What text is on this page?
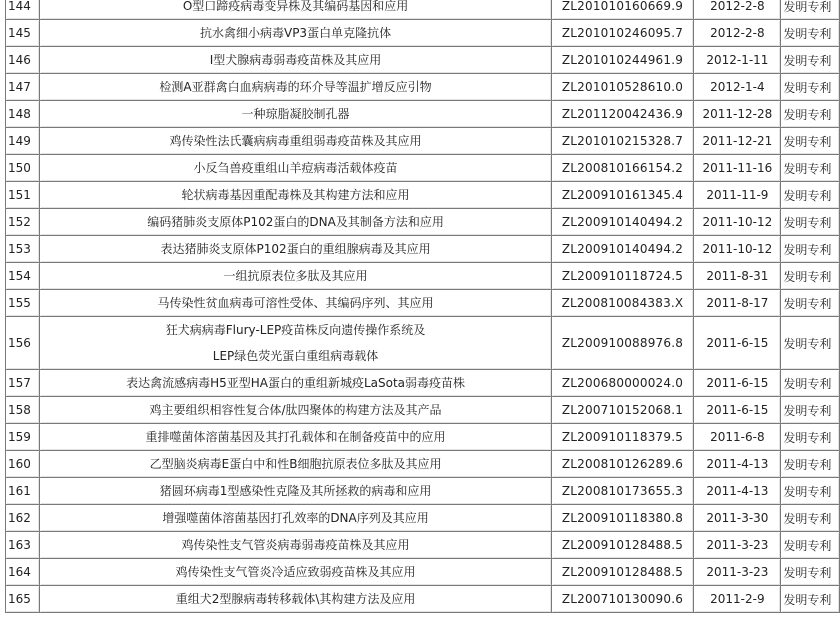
144	O型口蹄疫病毒变异株及其编码基因和应用	ZL201010160669.9	2012-2-8	发明专利
145	抗水禽细小病毒VP3蛋白单克隆抗体	ZL201010246095.7	2012-2-8	发明专利
146	I型犬腺病毒弱毒疫苗株及其应用	ZL201010244961.9	2012-1-11	发明专利
147	检测A亚群禽白血病病毒的环介导等温扩增反应引物	ZL201010528610.0	2012-1-4	发明专利
148	一种琼脂凝胶制孔器	ZL201120042436.9	2011-12-28	发明专利
149	鸡传染性法氏囊病病毒重组弱毒疫苗株及其应用	ZL201010215328.7	2011-12-21	发明专利
150	小反刍兽疫重组山羊痘病毒活载体疫苗	ZL200810166154.2	2011-11-16	发明专利
151	轮状病毒基因重配毒株及其构建方法和应用	ZL200910161345.4	2011-11-9	发明专利
152	编码猪肺炎支原体P102蛋白的DNA及其制备方法和应用	ZL200910140494.2	2011-10-12	发明专利
153	表达猪肺炎支原体P102蛋白的重组腺病毒及其应用	ZL200910140494.2	2011-10-12	发明专利
154	一组抗原表位多肽及其应用	ZL200910118724.5	2011-8-31	发明专利
155	马传染性贫血病毒可溶性受体、其编码序列、其应用	ZL200810084383.X	2011-8-17	发明专利
156	狂犬病病毒Flury-LEP疫苗株反向遗传操作系统及
LEP绿色荧光蛋白重组病毒载体	ZL200910088976.8	2011-6-15	发明专利
157	表达禽流感病毒H5亚型HA蛋白的重组新城疫LaSota弱毒疫苗株	ZL200680000024.0	2011-6-15	发明专利
158	鸡主要组织相容性复合体/肽四聚体的构建方法及其产品	ZL200710152068.1	2011-6-15	发明专利
159	重排噬菌体溶菌基因及其打孔载体和在制备疫苗中的应用	ZL200910118379.5	2011-6-8	发明专利
160	乙型脑炎病毒E蛋白中和性B细胞抗原表位多肽及其应用	ZL200810126289.6	2011-4-13	发明专利
161	猪圆环病毒1型感染性克隆及其所拯救的病毒和应用	ZL200810173655.3	2011-4-13	发明专利
162	增强噬菌体溶菌基因打孔效率的DNA序列及其应用	ZL200910118380.8	2011-3-30	发明专利
163	鸡传染性支气管炎病毒弱毒疫苗株及其应用	ZL200910128488.5	2011-3-23	发明专利
164	鸡传染性支气管炎冷适应致弱疫苗株及其应用	ZL200910128488.5	2011-3-23	发明专利
165	重组犬2型腺病毒转移载体\其构建方法及应用	ZL200710130090.6	2011-2-9	发明专利
